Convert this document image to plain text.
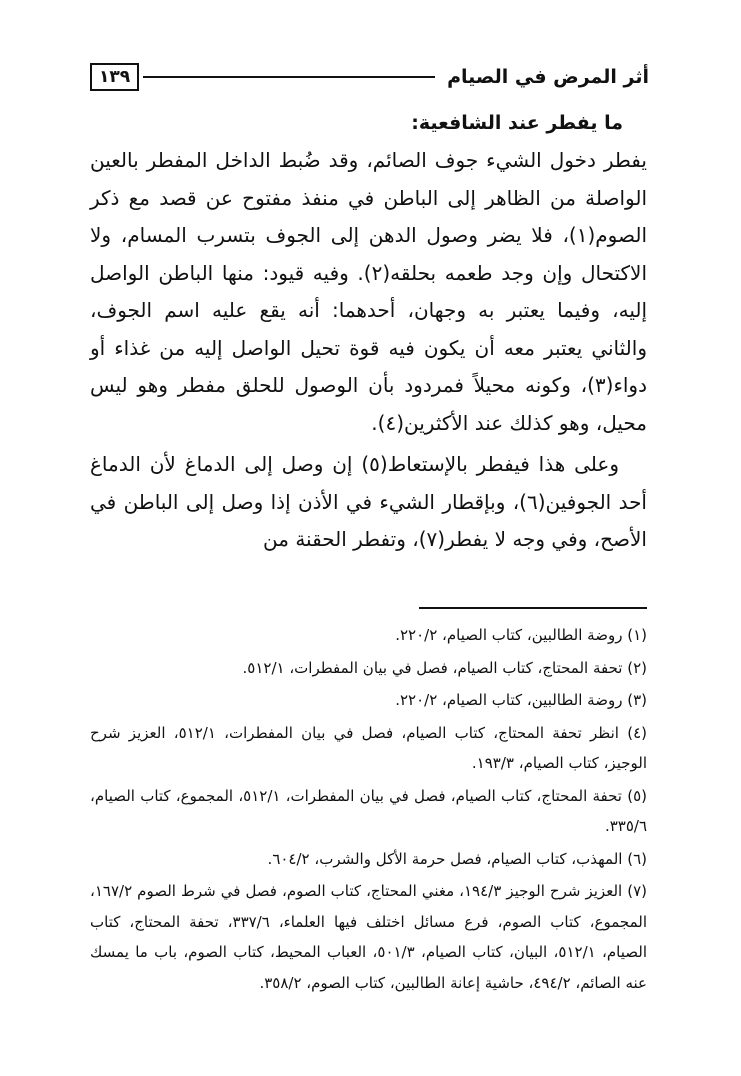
أثر المرض في الصيام
١٣٩
ما يفطر عند الشافعية:

يفطر دخول الشيء جوف الصائم، وقد ضُبط الداخل المفطر بالعين الواصلة من الظاهر إلى الباطن في منفذ مفتوح عن قصد مع ذكر الصوم(١)، فلا يضر وصول الدهن إلى الجوف بتسرب المسام، ولا الاكتحال وإن وجد طعمه بحلقه(٢). وفيه قيود: منها الباطن الواصل إليه، وفيما يعتبر به وجهان، أحدهما: أنه يقع عليه اسم الجوف، والثاني يعتبر معه أن يكون فيه قوة تحيل الواصل إليه من غذاء أو دواء(٣)، وكونه محيلاً فمردود بأن الوصول للحلق مفطر وهو ليس محيل، وهو كذلك عند الأكثرين(٤).

وعلى هذا فيفطر بالإستعاط(٥) إن وصل إلى الدماغ لأن الدماغ أحد الجوفين(٦)، وبإقطار الشيء في الأذن إذا وصل إلى الباطن في الأصح، وفي وجه لا يفطر(٧)، وتفطر الحقنة من

(١) روضة الطالبين، كتاب الصيام، ٢٢٠/٢.

(٢) تحفة المحتاج، كتاب الصيام، فصل في بيان المفطرات، ٥١٢/١.

(٣) روضة الطالبين، كتاب الصيام، ٢٢٠/٢.

(٤) انظر تحفة المحتاج، كتاب الصيام، فصل في بيان المفطرات، ٥١٢/١، العزيز شرح الوجيز، كتاب الصيام، ١٩٣/٣.

(٥) تحفة المحتاج، كتاب الصيام، فصل في بيان المفطرات، ٥١٢/١، المجموع، كتاب الصيام، ٣٣٥/٦.

(٦) المهذب، كتاب الصيام، فصل حرمة الأكل والشرب، ٦٠٤/٢.

(٧) العزيز شرح الوجيز ١٩٤/٣، مغني المحتاج، كتاب الصوم، فصل في شرط الصوم ١٦٧/٢، المجموع، كتاب الصوم، فرع مسائل اختلف فيها العلماء، ٣٣٧/٦، تحفة المحتاج، كتاب الصيام، ٥١٢/١، البيان، كتاب الصيام، ٥٠١/٣، العباب المحيط، كتاب الصوم، باب ما يمسك عنه الصائم، ٤٩٤/٢، حاشية إعانة الطالبين، كتاب الصوم، ٣٥٨/٢.
